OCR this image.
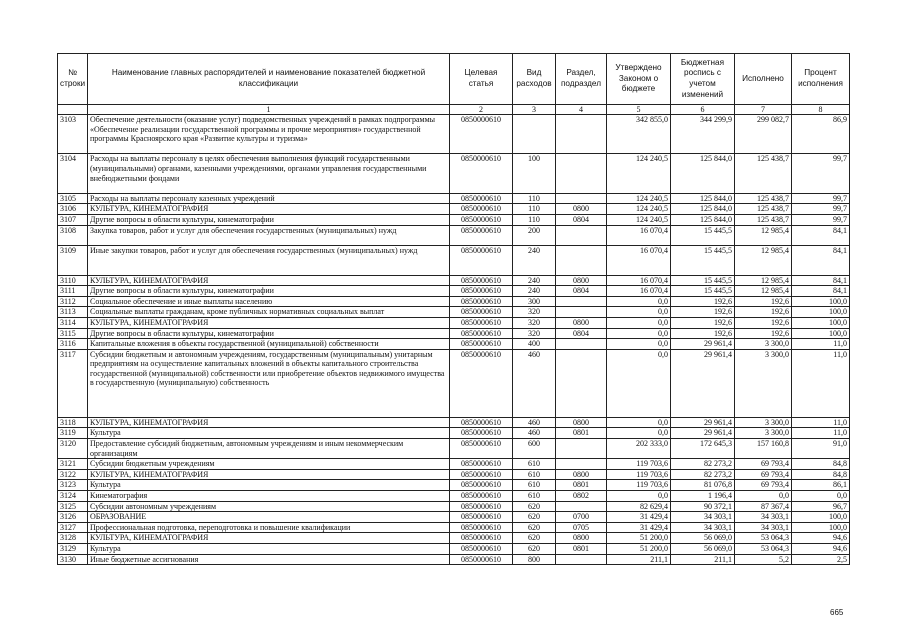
№ строки	Наименование главных распорядителей и наименование показателей бюджетной классификации	Целевая статья	Вид расходов	Раздел, подраздел	Утверждено Законом о бюджете	Бюджетная роспись с учетом изменений	Исполнено	Процент исполнения
	1	2	3	4	5	6	7	8
3103	Обеспечение деятельности (оказание услуг) подведомственных учреждений в рамках подпрограммы «Обеспечение реализации государственной программы и прочие мероприятия» государственной программы Красноярского края «Развитие культуры и туризма»	0850000610			342 855,0	344 299,9	299 082,7	86,9
3104	Расходы на выплаты персоналу в целях обеспечения выполнения функций государственными (муниципальными) органами, казенными учреждениями, органами управления государственными внебюджетными фондами	0850000610	100		124 240,5	125 844,0	125 438,7	99,7
3105	Расходы на выплаты персоналу казенных учреждений	0850000610	110		124 240,5	125 844,0	125 438,7	99,7
3106	КУЛЬТУРА, КИНЕМАТОГРАФИЯ	0850000610	110	0800	124 240,5	125 844,0	125 438,7	99,7
3107	Другие вопросы в области культуры, кинематографии	0850000610	110	0804	124 240,5	125 844,0	125 438,7	99,7
3108	Закупка товаров, работ и услуг для обеспечения государственных (муниципальных) нужд	0850000610	200		16 070,4	15 445,5	12 985,4	84,1
3109	Иные закупки товаров, работ и услуг для обеспечения государственных (муниципальных) нужд	0850000610	240		16 070,4	15 445,5	12 985,4	84,1
3110	КУЛЬТУРА, КИНЕМАТОГРАФИЯ	0850000610	240	0800	16 070,4	15 445,5	12 985,4	84,1
3111	Другие вопросы в области культуры, кинематографии	0850000610	240	0804	16 070,4	15 445,5	12 985,4	84,1
3112	Социальное обеспечение и иные выплаты населению	0850000610	300		0,0	192,6	192,6	100,0
3113	Социальные выплаты гражданам, кроме публичных нормативных социальных выплат	0850000610	320		0,0	192,6	192,6	100,0
3114	КУЛЬТУРА, КИНЕМАТОГРАФИЯ	0850000610	320	0800	0,0	192,6	192,6	100,0
3115	Другие вопросы в области культуры, кинематографии	0850000610	320	0804	0,0	192,6	192,6	100,0
3116	Капитальные вложения в объекты государственной (муниципальной) собственности	0850000610	400		0,0	29 961,4	3 300,0	11,0
3117	Субсидии бюджетным и автономным учреждениям, государственным (муниципальным) унитарным предприятиям на осуществление капитальных вложений в объекты капитального строительства государственной (муниципальной) собственности или приобретение объектов недвижимого имущества в государственную (муниципальную) собственность	0850000610	460		0,0	29 961,4	3 300,0	11,0
3118	КУЛЬТУРА, КИНЕМАТОГРАФИЯ	0850000610	460	0800	0,0	29 961,4	3 300,0	11,0
3119	Культура	0850000610	460	0801	0,0	29 961,4	3 300,0	11,0
3120	Предоставление субсидий бюджетным, автономным учреждениям и иным некоммерческим организациям	0850000610	600		202 333,0	172 645,3	157 160,8	91,0
3121	Субсидии бюджетным учреждениям	0850000610	610		119 703,6	82 273,2	69 793,4	84,8
3122	КУЛЬТУРА, КИНЕМАТОГРАФИЯ	0850000610	610	0800	119 703,6	82 273,2	69 793,4	84,8
3123	Культура	0850000610	610	0801	119 703,6	81 076,8	69 793,4	86,1
3124	Кинематография	0850000610	610	0802	0,0	1 196,4	0,0	0,0
3125	Субсидии автономным учреждениям	0850000610	620		82 629,4	90 372,1	87 367,4	96,7
3126	ОБРАЗОВАНИЕ	0850000610	620	0700	31 429,4	34 303,1	34 303,1	100,0
3127	Профессиональная подготовка, переподготовка и повышение квалификации	0850000610	620	0705	31 429,4	34 303,1	34 303,1	100,0
3128	КУЛЬТУРА, КИНЕМАТОГРАФИЯ	0850000610	620	0800	51 200,0	56 069,0	53 064,3	94,6
3129	Культура	0850000610	620	0801	51 200,0	56 069,0	53 064,3	94,6
3130	Иные бюджетные ассигнования	0850000610	800		211,1	211,1	5,2	2,5
665
